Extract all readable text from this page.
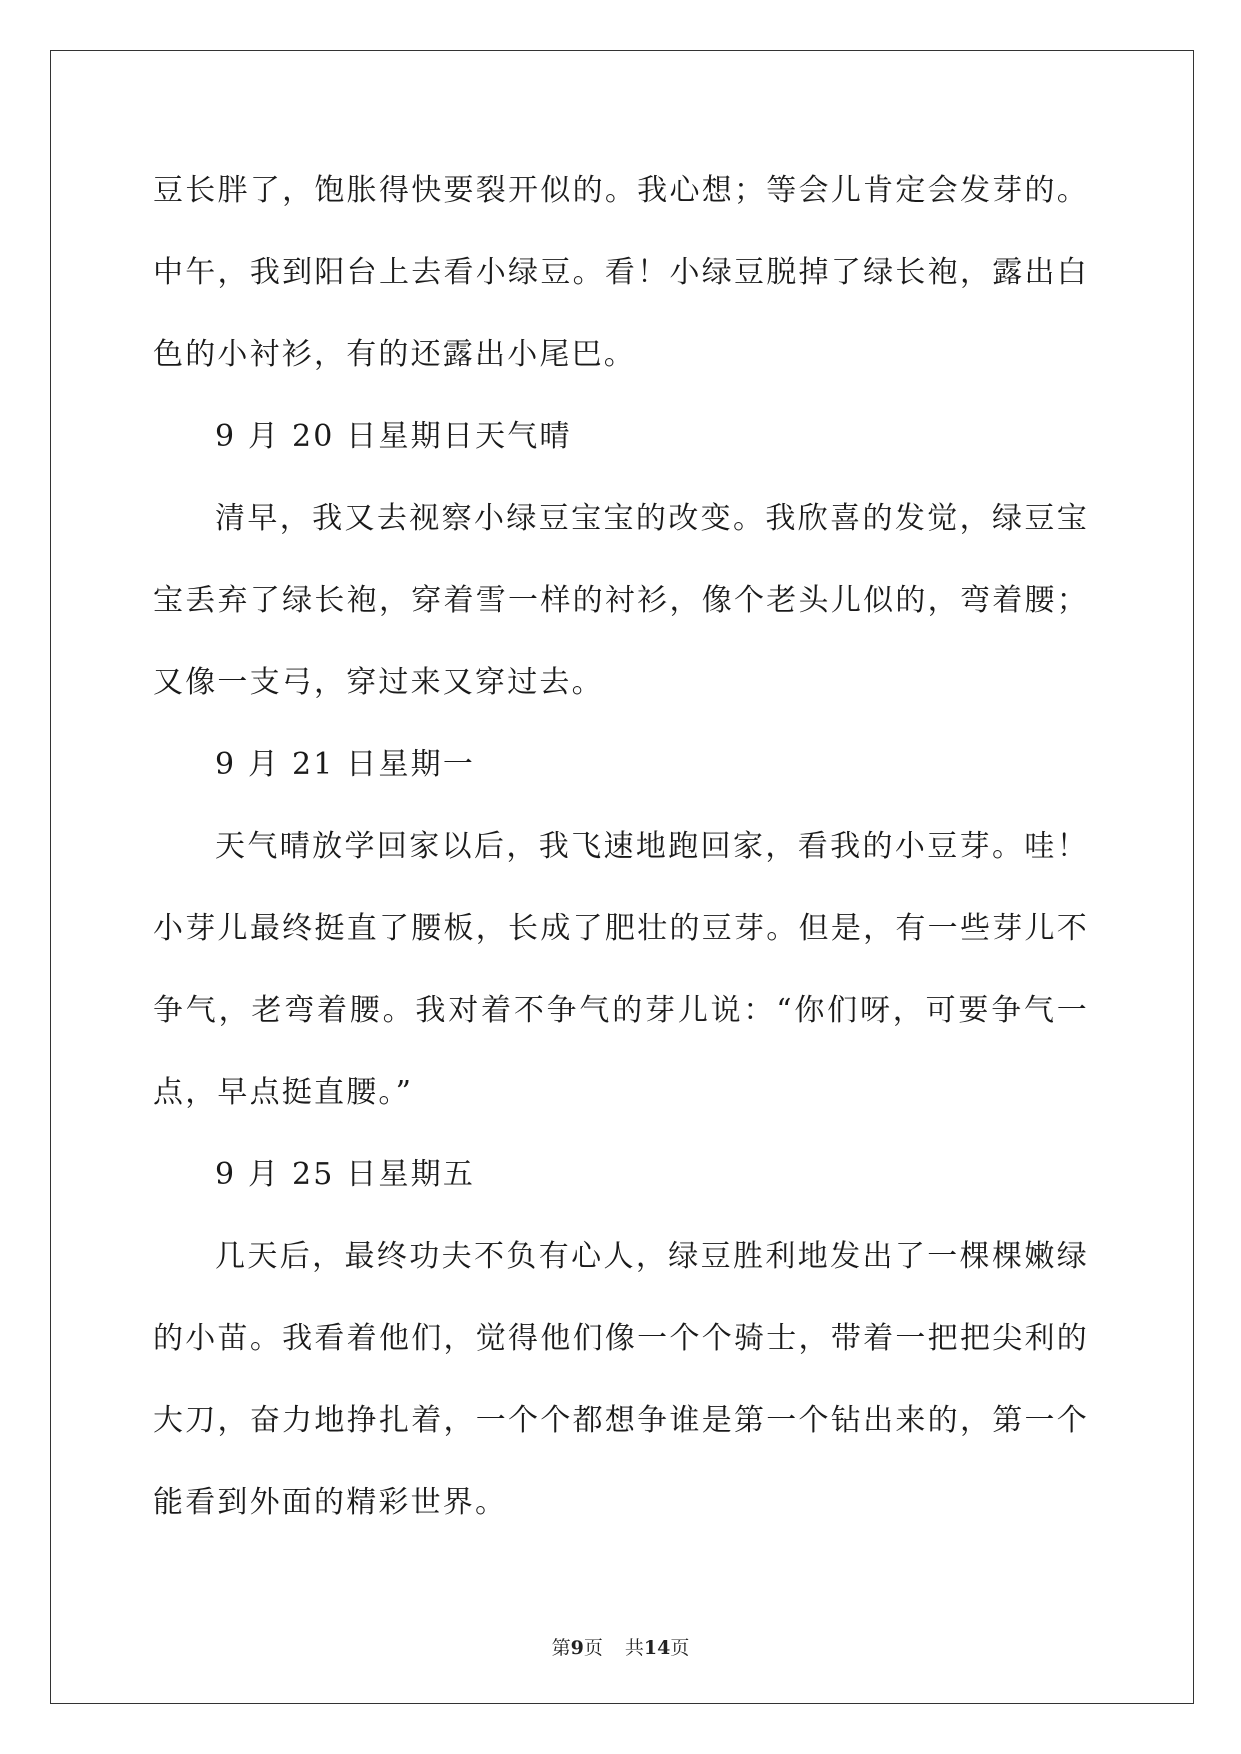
豆长胖了，饱胀得快要裂开似的。我心想；等会儿肯定会发芽的。中午，我到阳台上去看小绿豆。看！小绿豆脱掉了绿长袍，露出白色的小衬衫，有的还露出小尾巴。

9 月 20 日星期日天气晴

清早，我又去视察小绿豆宝宝的改变。我欣喜的发觉，绿豆宝宝丢弃了绿长袍，穿着雪一样的衬衫，像个老头儿似的，弯着腰；又像一支弓，穿过来又穿过去。

9 月 21 日星期一

天气晴放学回家以后，我飞速地跑回家，看我的小豆芽。哇！小芽儿最终挺直了腰板，长成了肥壮的豆芽。但是，有一些芽儿不争气，老弯着腰。我对着不争气的芽儿说：“你们呀，可要争气一点，早点挺直腰。”

9 月 25 日星期五

几天后，最终功夫不负有心人，绿豆胜利地发出了一棵棵嫩绿的小苗。我看着他们，觉得他们像一个个骑士，带着一把把尖利的大刀，奋力地挣扎着，一个个都想争谁是第一个钻出来的，第一个能看到外面的精彩世界。

第9页 共14页
